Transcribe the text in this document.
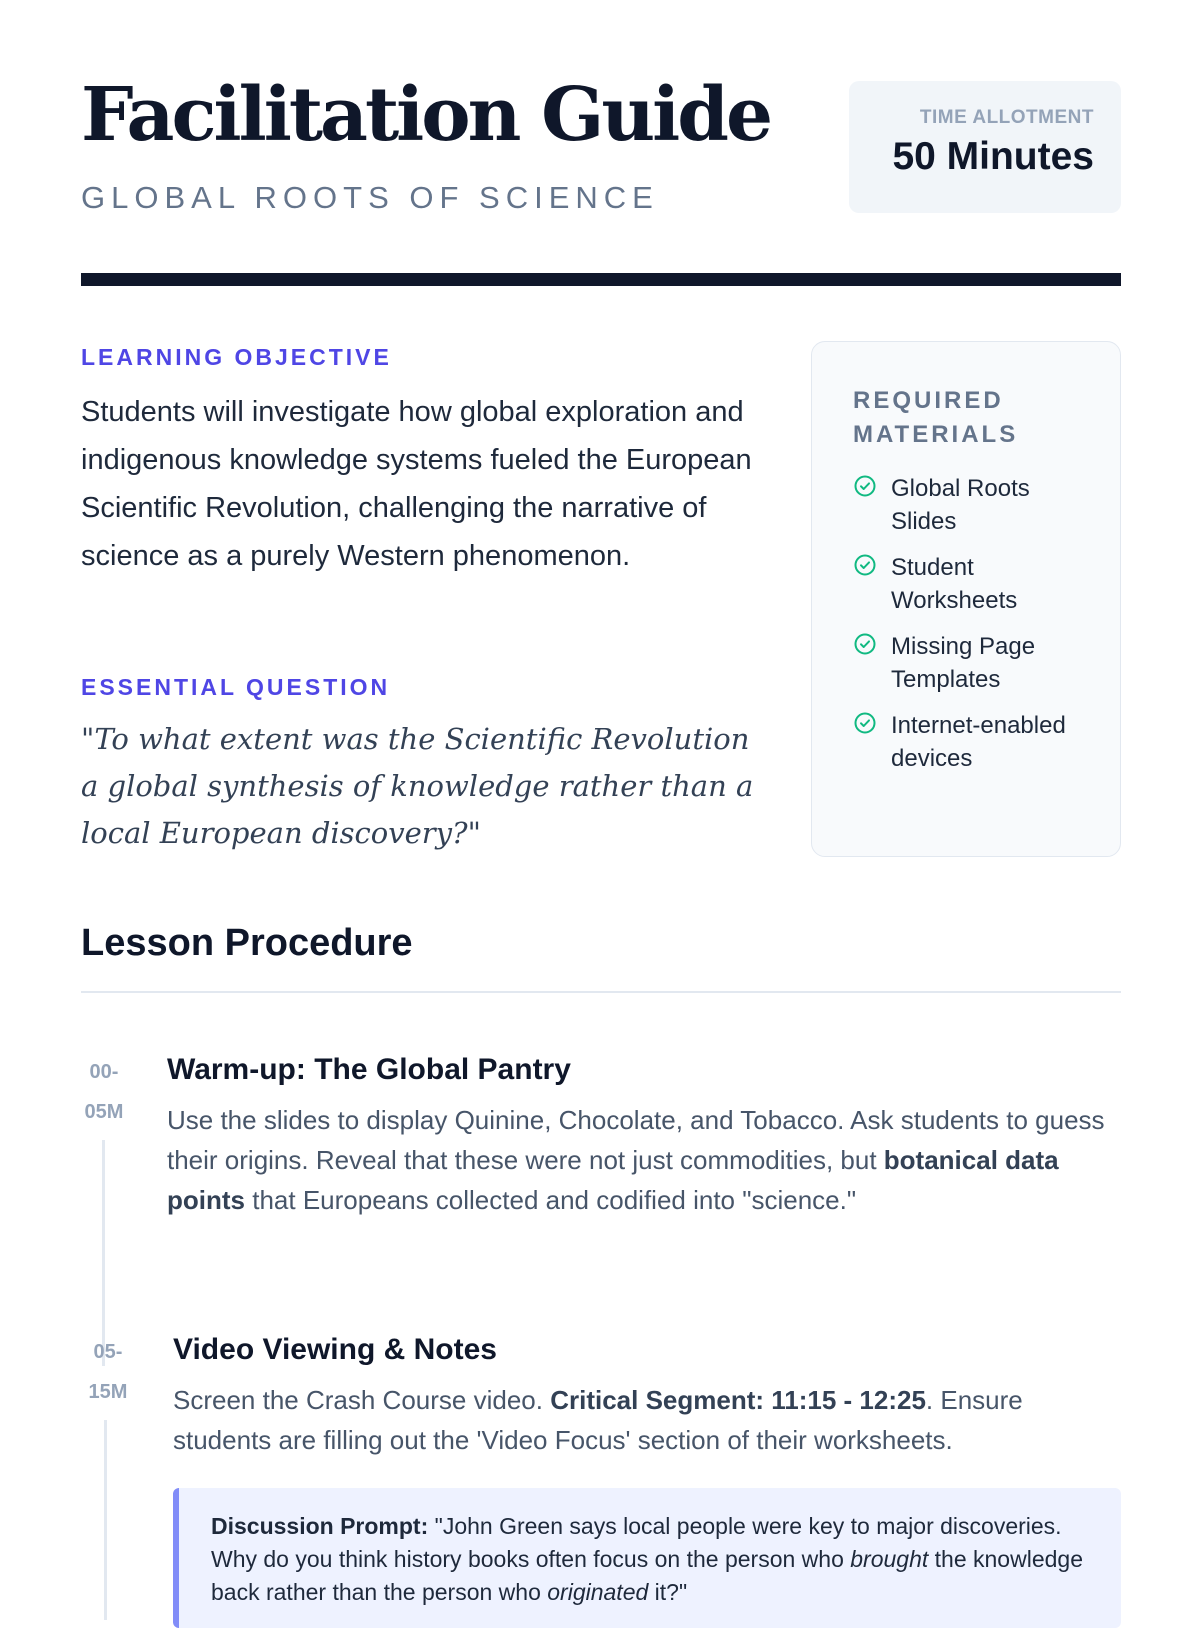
Facilitation Guide
GLOBAL ROOTS OF SCIENCE
TIME ALLOTMENT
50 Minutes
LEARNING OBJECTIVE

Students will investigate how global exploration and indigenous knowledge systems fueled the European Scientific Revolution, challenging the narrative of science as a purely Western phenomenon.

ESSENTIAL QUESTION

"To what extent was the Scientific Revolution a global synthesis of knowledge rather than a local European discovery?"

REQUIRED MATERIALS
Global Roots Slides
Student Worksheets
Missing Page Templates
Internet-enabled devices
Lesson Procedure
00-
05M
Warm-up: The Global Pantry

Use the slides to display Quinine, Chocolate, and Tobacco. Ask students to guess their origins. Reveal that these were not just commodities, but botanical data points that Europeans collected and codified into "science."

05-
15M
Video Viewing & Notes

Screen the Crash Course video. Critical Segment: 11:15 - 12:25. Ensure students are filling out the 'Video Focus' section of their worksheets.

Discussion Prompt: "John Green says local people were key to major discoveries. Why do you think history books often focus on the person who brought the knowledge back rather than the person who originated it?"
